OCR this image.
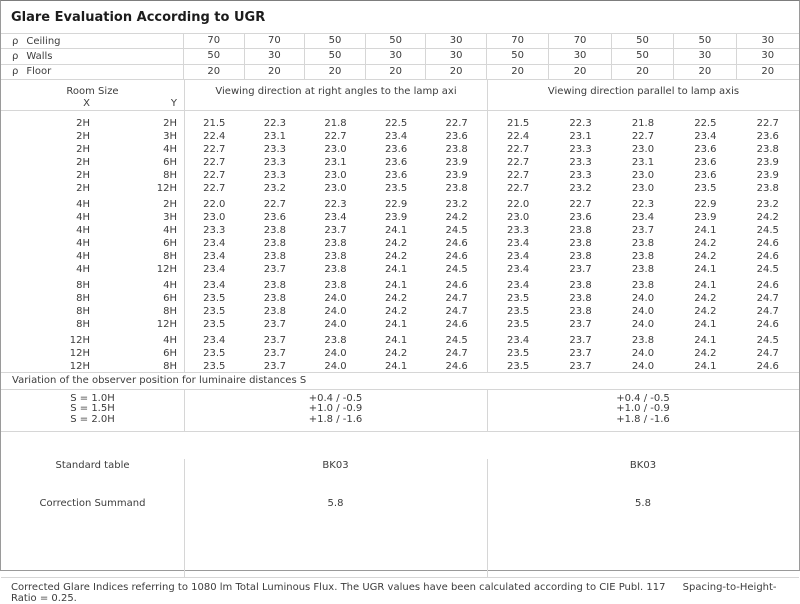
Glare Evaluation According to UGR
ρ Ceiling	70	70	50	50	30	70	70	50	50	30
ρ Walls	50	30	50	30	30	50	30	50	30	30
ρ Floor	20	20	20	20	20	20	20	20	20	20
Room Size
X	Y
Viewing direction at right angles to the lamp axi	Viewing direction parallel to lamp axis
2H	2H	21.5	22.3	21.8	22.5	22.7	21.5	22.3	21.8	22.5	22.7
2H	3H	22.4	23.1	22.7	23.4	23.6	22.4	23.1	22.7	23.4	23.6
2H	4H	22.7	23.3	23.0	23.6	23.8	22.7	23.3	23.0	23.6	23.8
2H	6H	22.7	23.3	23.1	23.6	23.9	22.7	23.3	23.1	23.6	23.9
2H	8H	22.7	23.3	23.0	23.6	23.9	22.7	23.3	23.0	23.6	23.9
2H	12H	22.7	23.2	23.0	23.5	23.8	22.7	23.2	23.0	23.5	23.8
4H	2H	22.0	22.7	22.3	22.9	23.2	22.0	22.7	22.3	22.9	23.2
4H	3H	23.0	23.6	23.4	23.9	24.2	23.0	23.6	23.4	23.9	24.2
4H	4H	23.3	23.8	23.7	24.1	24.5	23.3	23.8	23.7	24.1	24.5
4H	6H	23.4	23.8	23.8	24.2	24.6	23.4	23.8	23.8	24.2	24.6
4H	8H	23.4	23.8	23.8	24.2	24.6	23.4	23.8	23.8	24.2	24.6
4H	12H	23.4	23.7	23.8	24.1	24.5	23.4	23.7	23.8	24.1	24.5
8H	4H	23.4	23.8	23.8	24.1	24.6	23.4	23.8	23.8	24.1	24.6
8H	6H	23.5	23.8	24.0	24.2	24.7	23.5	23.8	24.0	24.2	24.7
8H	8H	23.5	23.8	24.0	24.2	24.7	23.5	23.8	24.0	24.2	24.7
8H	12H	23.5	23.7	24.0	24.1	24.6	23.5	23.7	24.0	24.1	24.6
12H	4H	23.4	23.7	23.8	24.1	24.5	23.4	23.7	23.8	24.1	24.5
12H	6H	23.5	23.7	24.0	24.2	24.7	23.5	23.7	24.0	24.2	24.7
12H	8H	23.5	23.7	24.0	24.1	24.6	23.5	23.7	24.0	24.1	24.6
Variation of the observer position for luminaire distances S
S = 1.0H	+0.4 / -0.5	+0.4 / -0.5
S = 1.5H	+1.0 / -0.9	+1.0 / -0.9
S = 2.0H	+1.8 / -1.6	+1.8 / -1.6
Standard table	BK03	BK03
Correction Summand	5.8	5.8
Corrected Glare Indices referring to 1080 lm Total Luminous Flux. The UGR values have been calculated according to CIE Publ. 117 Spacing-to-Height-Ratio = 0.25.
